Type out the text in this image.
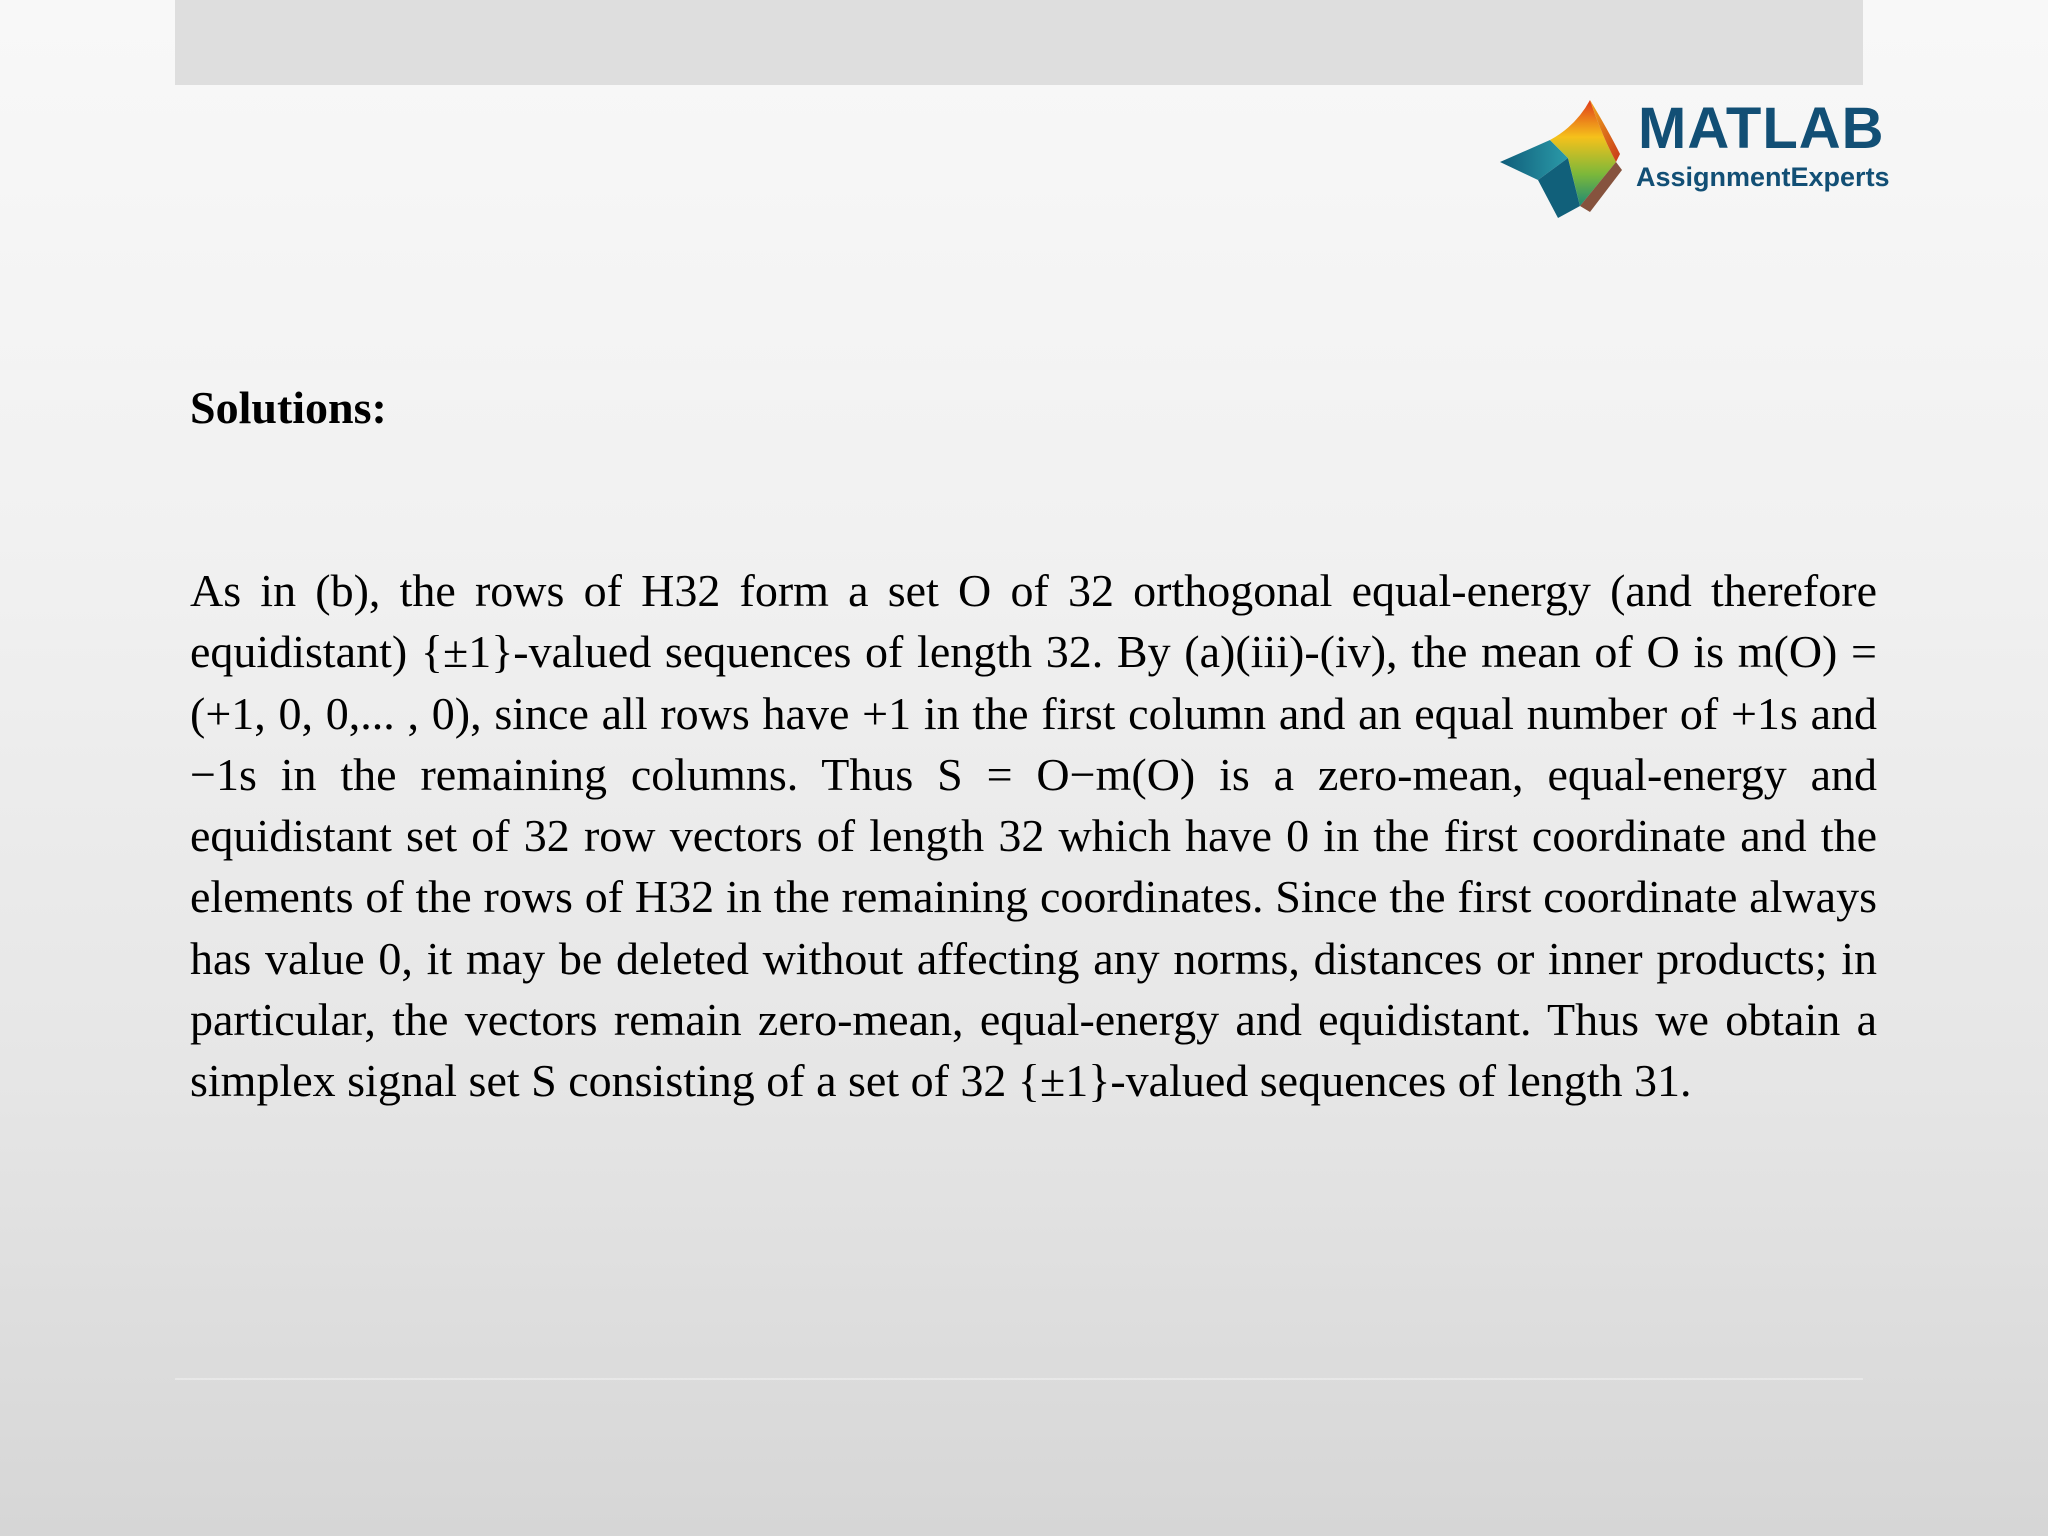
MATLAB
AssignmentExperts
Solutions:

As in (b), the rows of H32 form a set O of 32 orthogonal equal-energy (and therefore equidistant) {±1}-valued sequences of length 32. By (a)(iii)-(iv), the mean of O is m(O) = (+1, 0, 0,... , 0), since all rows have +1 in the first column and an equal number of +1s and −1s in the remaining columns. Thus S = O−m(O) is a zero-mean, equal-energy and equidistant set of 32 row vectors of length 32 which have 0 in the first coordinate and the elements of the rows of H32 in the remaining coordinates. Since the first coordinate always has value 0, it may be deleted without affecting any norms, distances or inner products; in particular, the vectors remain zero-mean, equal-energy and equidistant. Thus we obtain a simplex signal set S consisting of a set of 32 {±1}-valued sequences of length 31.
